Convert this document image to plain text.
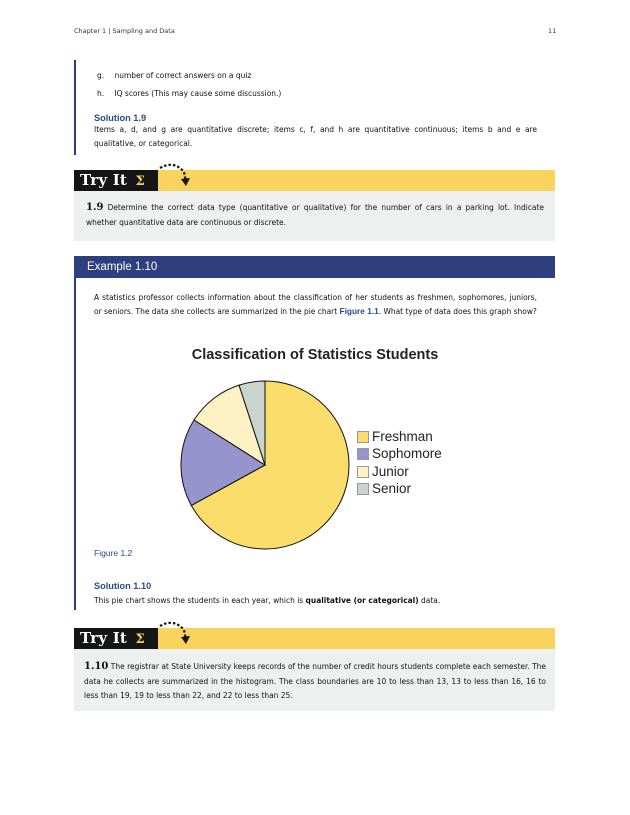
Chapter 1 | Sampling and Data	11
g. number of correct answers on a quiz
h. IQ scores (This may cause some discussion.)
Solution 1.9
Items a, d, and g are quantitative discrete; items c, f, and h are quantitative continuous; items b and e are qualitative, or categorical.
Try It Σ
1.9 Determine the correct data type (quantitative or qualitative) for the number of cars in a parking lot. Indicate whether quantitative data are continuous or discrete.
Example 1.10
A statistics professor collects information about the classification of her students as freshmen, sophomores, juniors, or seniors. The data she collects are summarized in the pie chart Figure 1.1. What type of data does this graph show?
Classification of Statistics Students
Freshman
Sophomore
Junior
Senior
Figure 1.2
Solution 1.10
This pie chart shows the students in each year, which is qualitative (or categorical) data.
Try It Σ
1.10 The registrar at State University keeps records of the number of credit hours students complete each semester. The data he collects are summarized in the histogram. The class boundaries are 10 to less than 13, 13 to less than 16, 16 to less than 19, 19 to less than 22, and 22 to less than 25.
